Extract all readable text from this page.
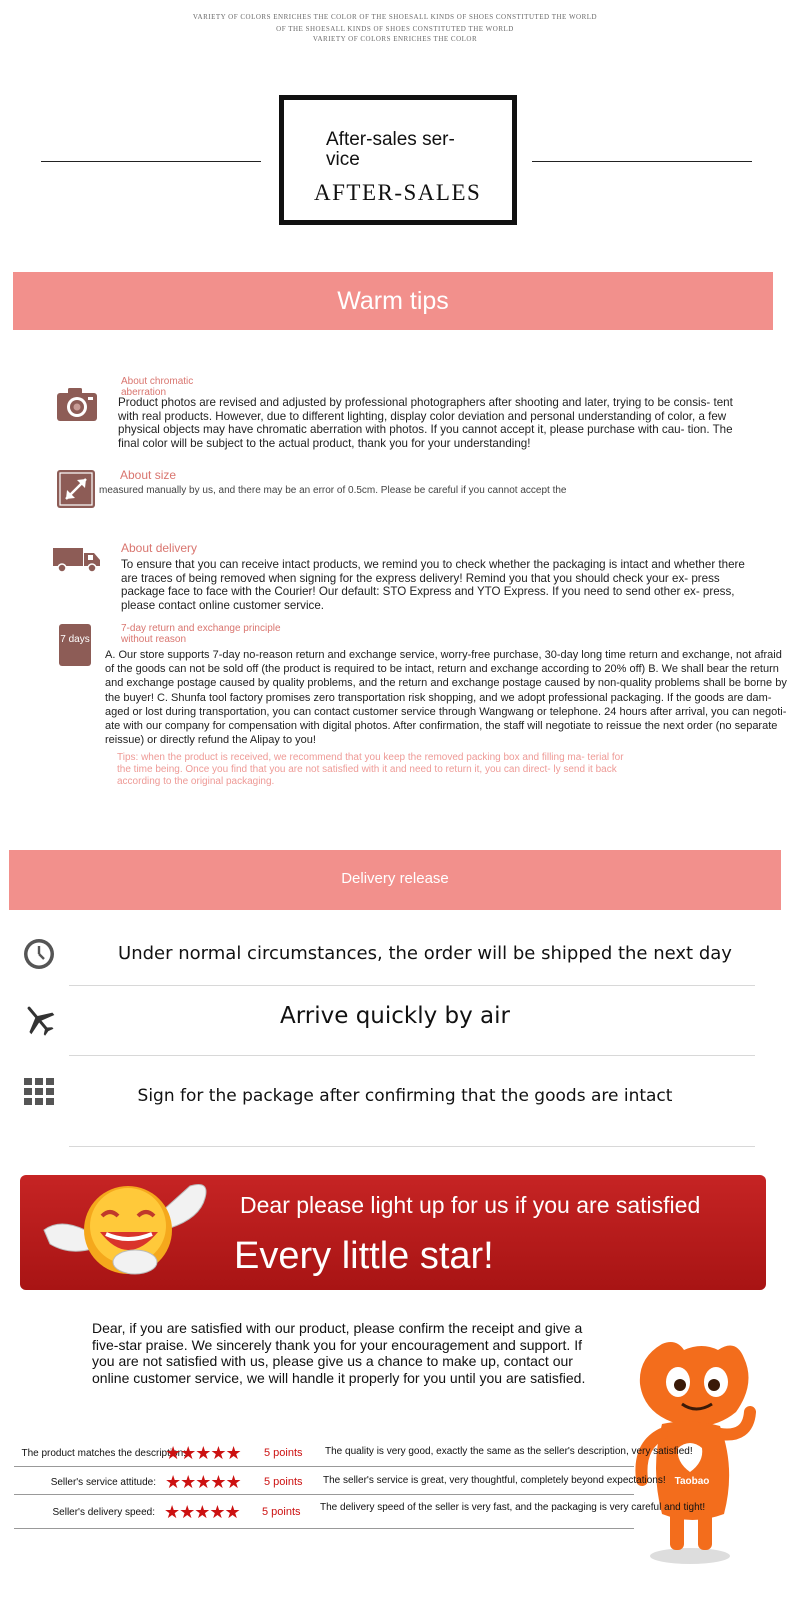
VARIETY OF COLORS ENRICHES THE COLOR OF THE SHOESALL KINDS OF SHOES CONSTITUTED THE WORLD
OF THE SHOESALL KINDS OF SHOES CONSTITUTED THE WORLD
VARIETY OF COLORS ENRICHES THE COLOR
After-sales ser- vice
AFTER-SALES
Warm tips
About chromatic aberration
Product photos are revised and adjusted by professional photographers after shooting and later, trying to be consis- tent with real products. However, due to different lighting, display color deviation and personal understanding of color, a few physical objects may have chromatic aberration with photos. If you cannot accept it, please purchase with cau- tion. The final color will be subject to the actual product, thank you for your understanding!
About size
measured manually by us, and there may be an error of 0.5cm. Please be careful if you cannot accept the
About delivery
To ensure that you can receive intact products, we remind you to check whether the packaging is intact and whether there are traces of being removed when signing for the express delivery! Remind you that you should check your ex- press package face to face with the Courier! Our default: STO Express and YTO Express. If you need to send other ex- press, please contact online customer service.
7 days
7-day return and exchange principle without reason
A. Our store supports 7-day no-reason return and exchange service, worry-free purchase, 30-day long time return and exchange, not afraid of the goods can not be sold off (the product is required to be intact, return and exchange according to 20% off) B. We shall bear the return and exchange postage caused by quality problems, and the return and exchange postage caused by non-quality problems shall be borne by the buyer! C. Shunfa tool factory promises zero transportation risk shopping, and we adopt professional packaging. If the goods are dam- aged or lost during transportation, you can contact customer service through Wangwang or telephone. 24 hours after arrival, you can negoti- ate with our company for compensation with digital photos. After confirmation, the staff will negotiate to reissue the next order (no separate reissue) or directly refund the Alipay to you!
Tips: when the product is received, we recommend that you keep the removed packing box and filling ma- terial for the time being. Once you find that you are not satisfied with it and need to return it, you can direct- ly send it back according to the original packaging.
Delivery release
Under normal circumstances, the order will be shipped the next day
Arrive quickly by air
Sign for the package after confirming that the goods are intact
Dear please light up for us if you are satisfied
Every little star!
Dear, if you are satisfied with our product, please confirm the receipt and give a five-star praise. We sincerely thank you for your encouragement and support. If you are not satisfied with us, please give us a chance to make up, contact our online customer service, we will handle it properly for you until you are satisfied.
Taobao
The product matches the description:
★★★★★ 5 points The quality is very good, exactly the same as the seller's description, very satisfied!
Seller's service attitude: ★★★★★ 5 points The seller's service is great, very thoughtful, completely beyond expectations!
Seller's delivery speed: ★★★★★ 5 points The delivery speed of the seller is very fast, and the packaging is very careful and tight!
